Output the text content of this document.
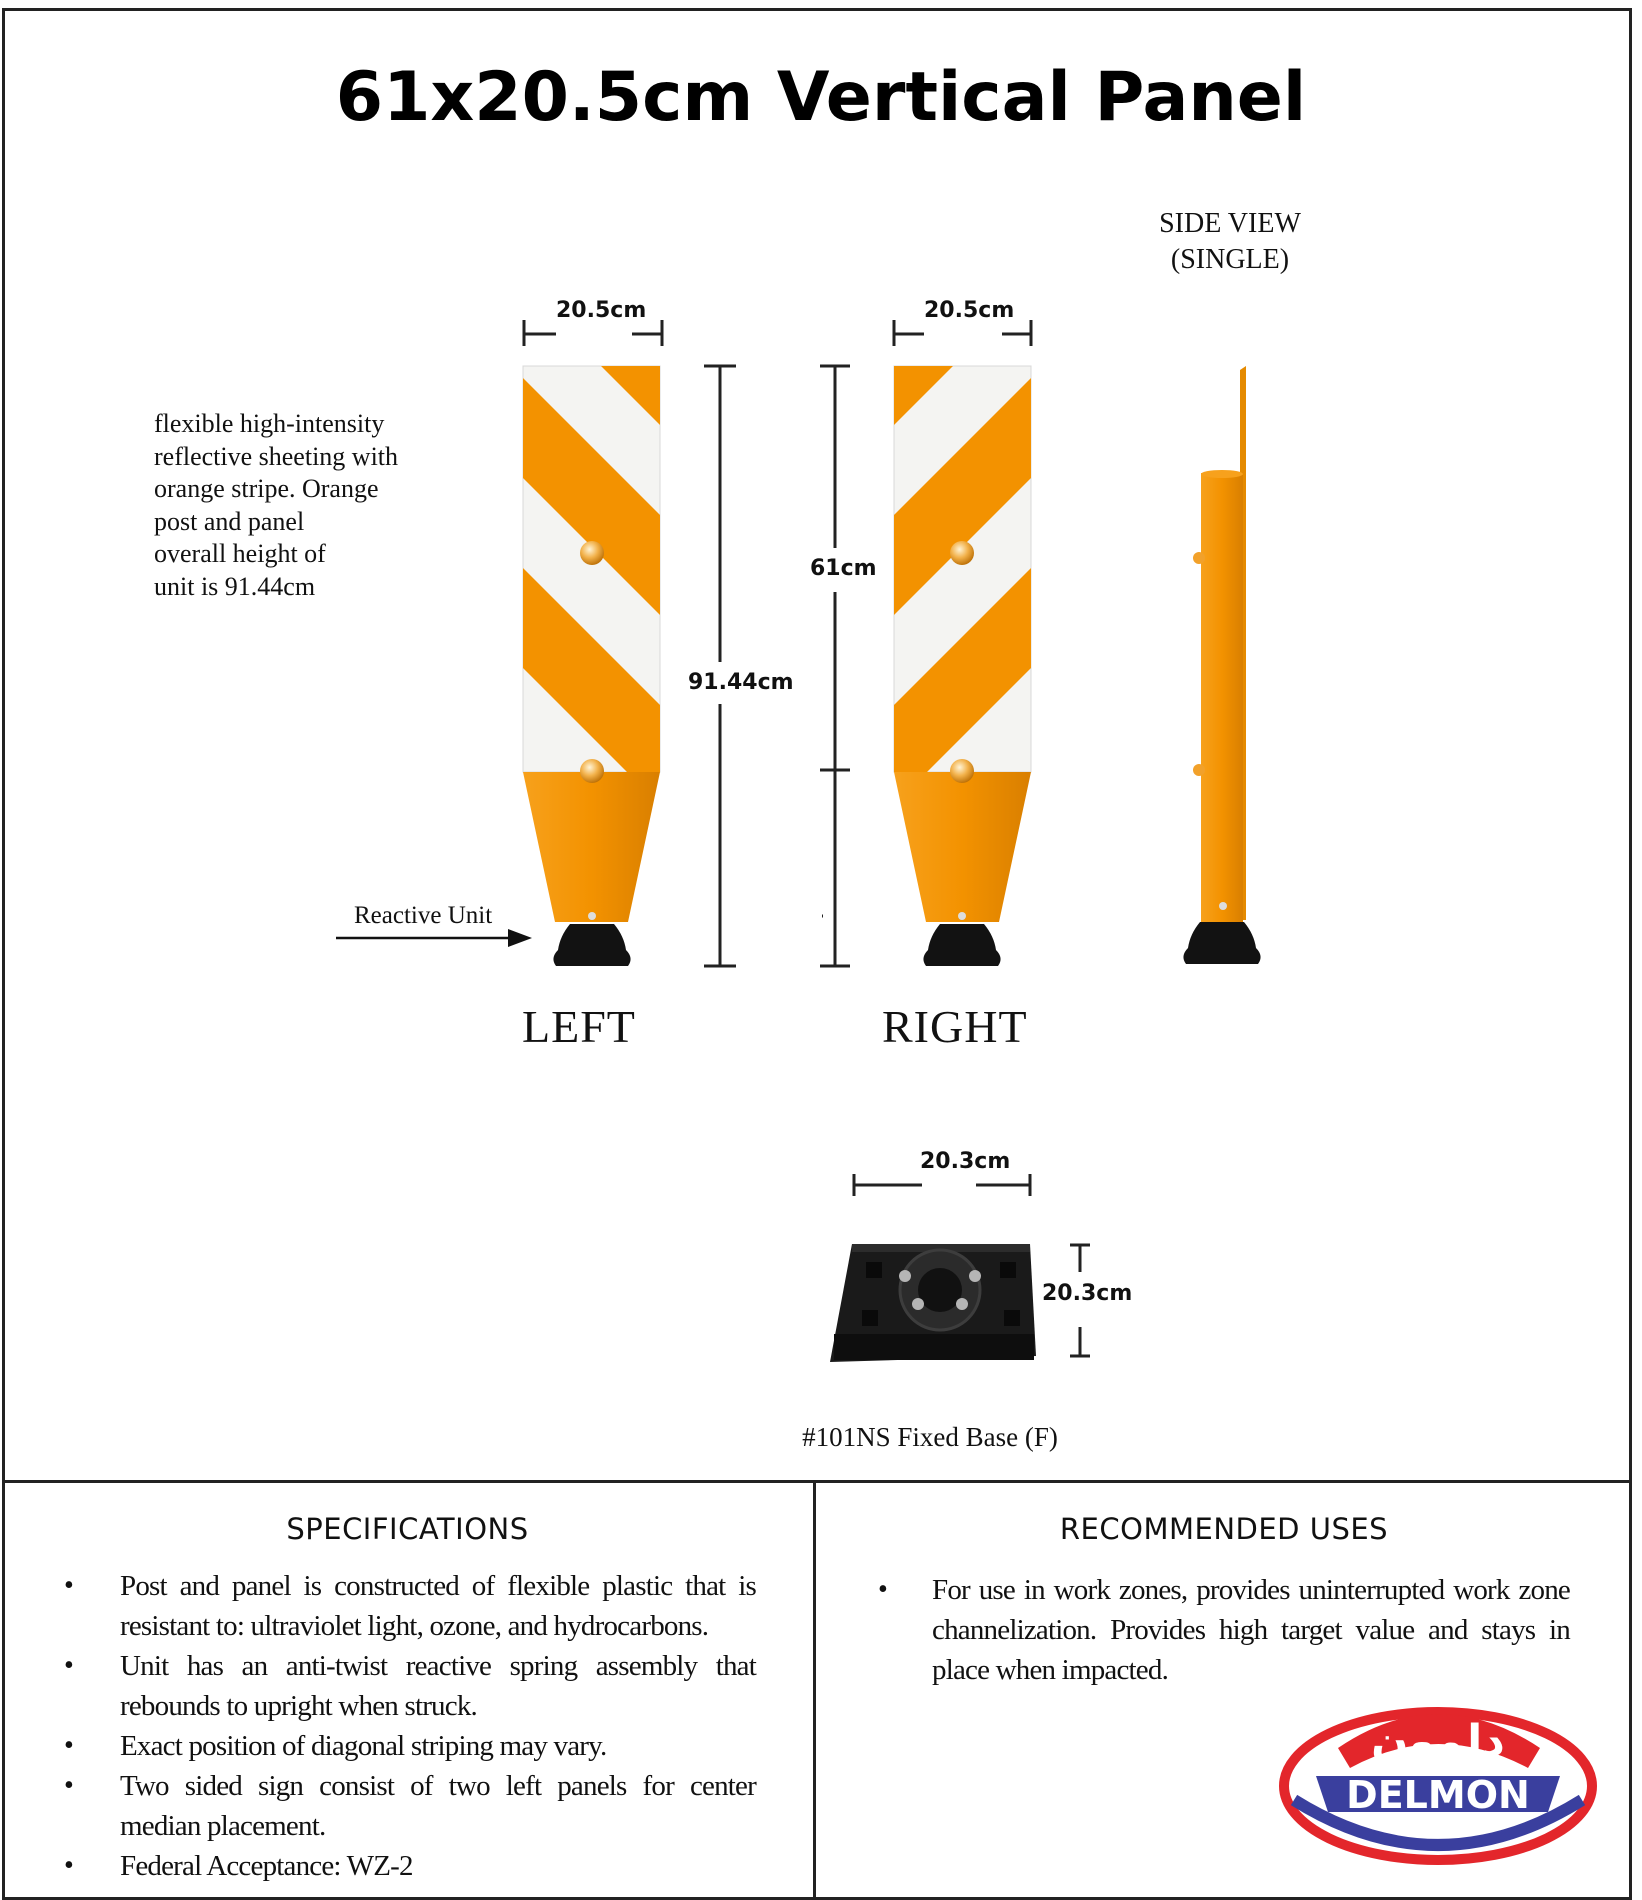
61x20.5cm Vertical Panel
flexible high-intensity
reflective sheeting with
orange stripe. Orange
post and panel
overall height of
unit is 91.44cm
SIDE VIEW
(SINGLE)
20.5cm	20.5cm
91.44cm
61cm
20.3cm
20.3cm
Reactive Unit
LEFT	RIGHT
#101NS Fixed Base (F)
SPECIFICATIONS
• Post and panel is constructed of flexible plastic that is resistant to: ultraviolet light, ozone, and hydrocarbons.
• Unit has an anti-twist reactive spring assembly that rebounds to upright when struck.
• Exact position of diagonal striping may vary.
• Two sided sign consist of two left panels for center median placement.
• Federal Acceptance: WZ-2
RECOMMENDED USES
• For use in work zones, provides uninterrupted work zone channelization. Provides high target value and stays in place when impacted.
دلمون
DELMON
